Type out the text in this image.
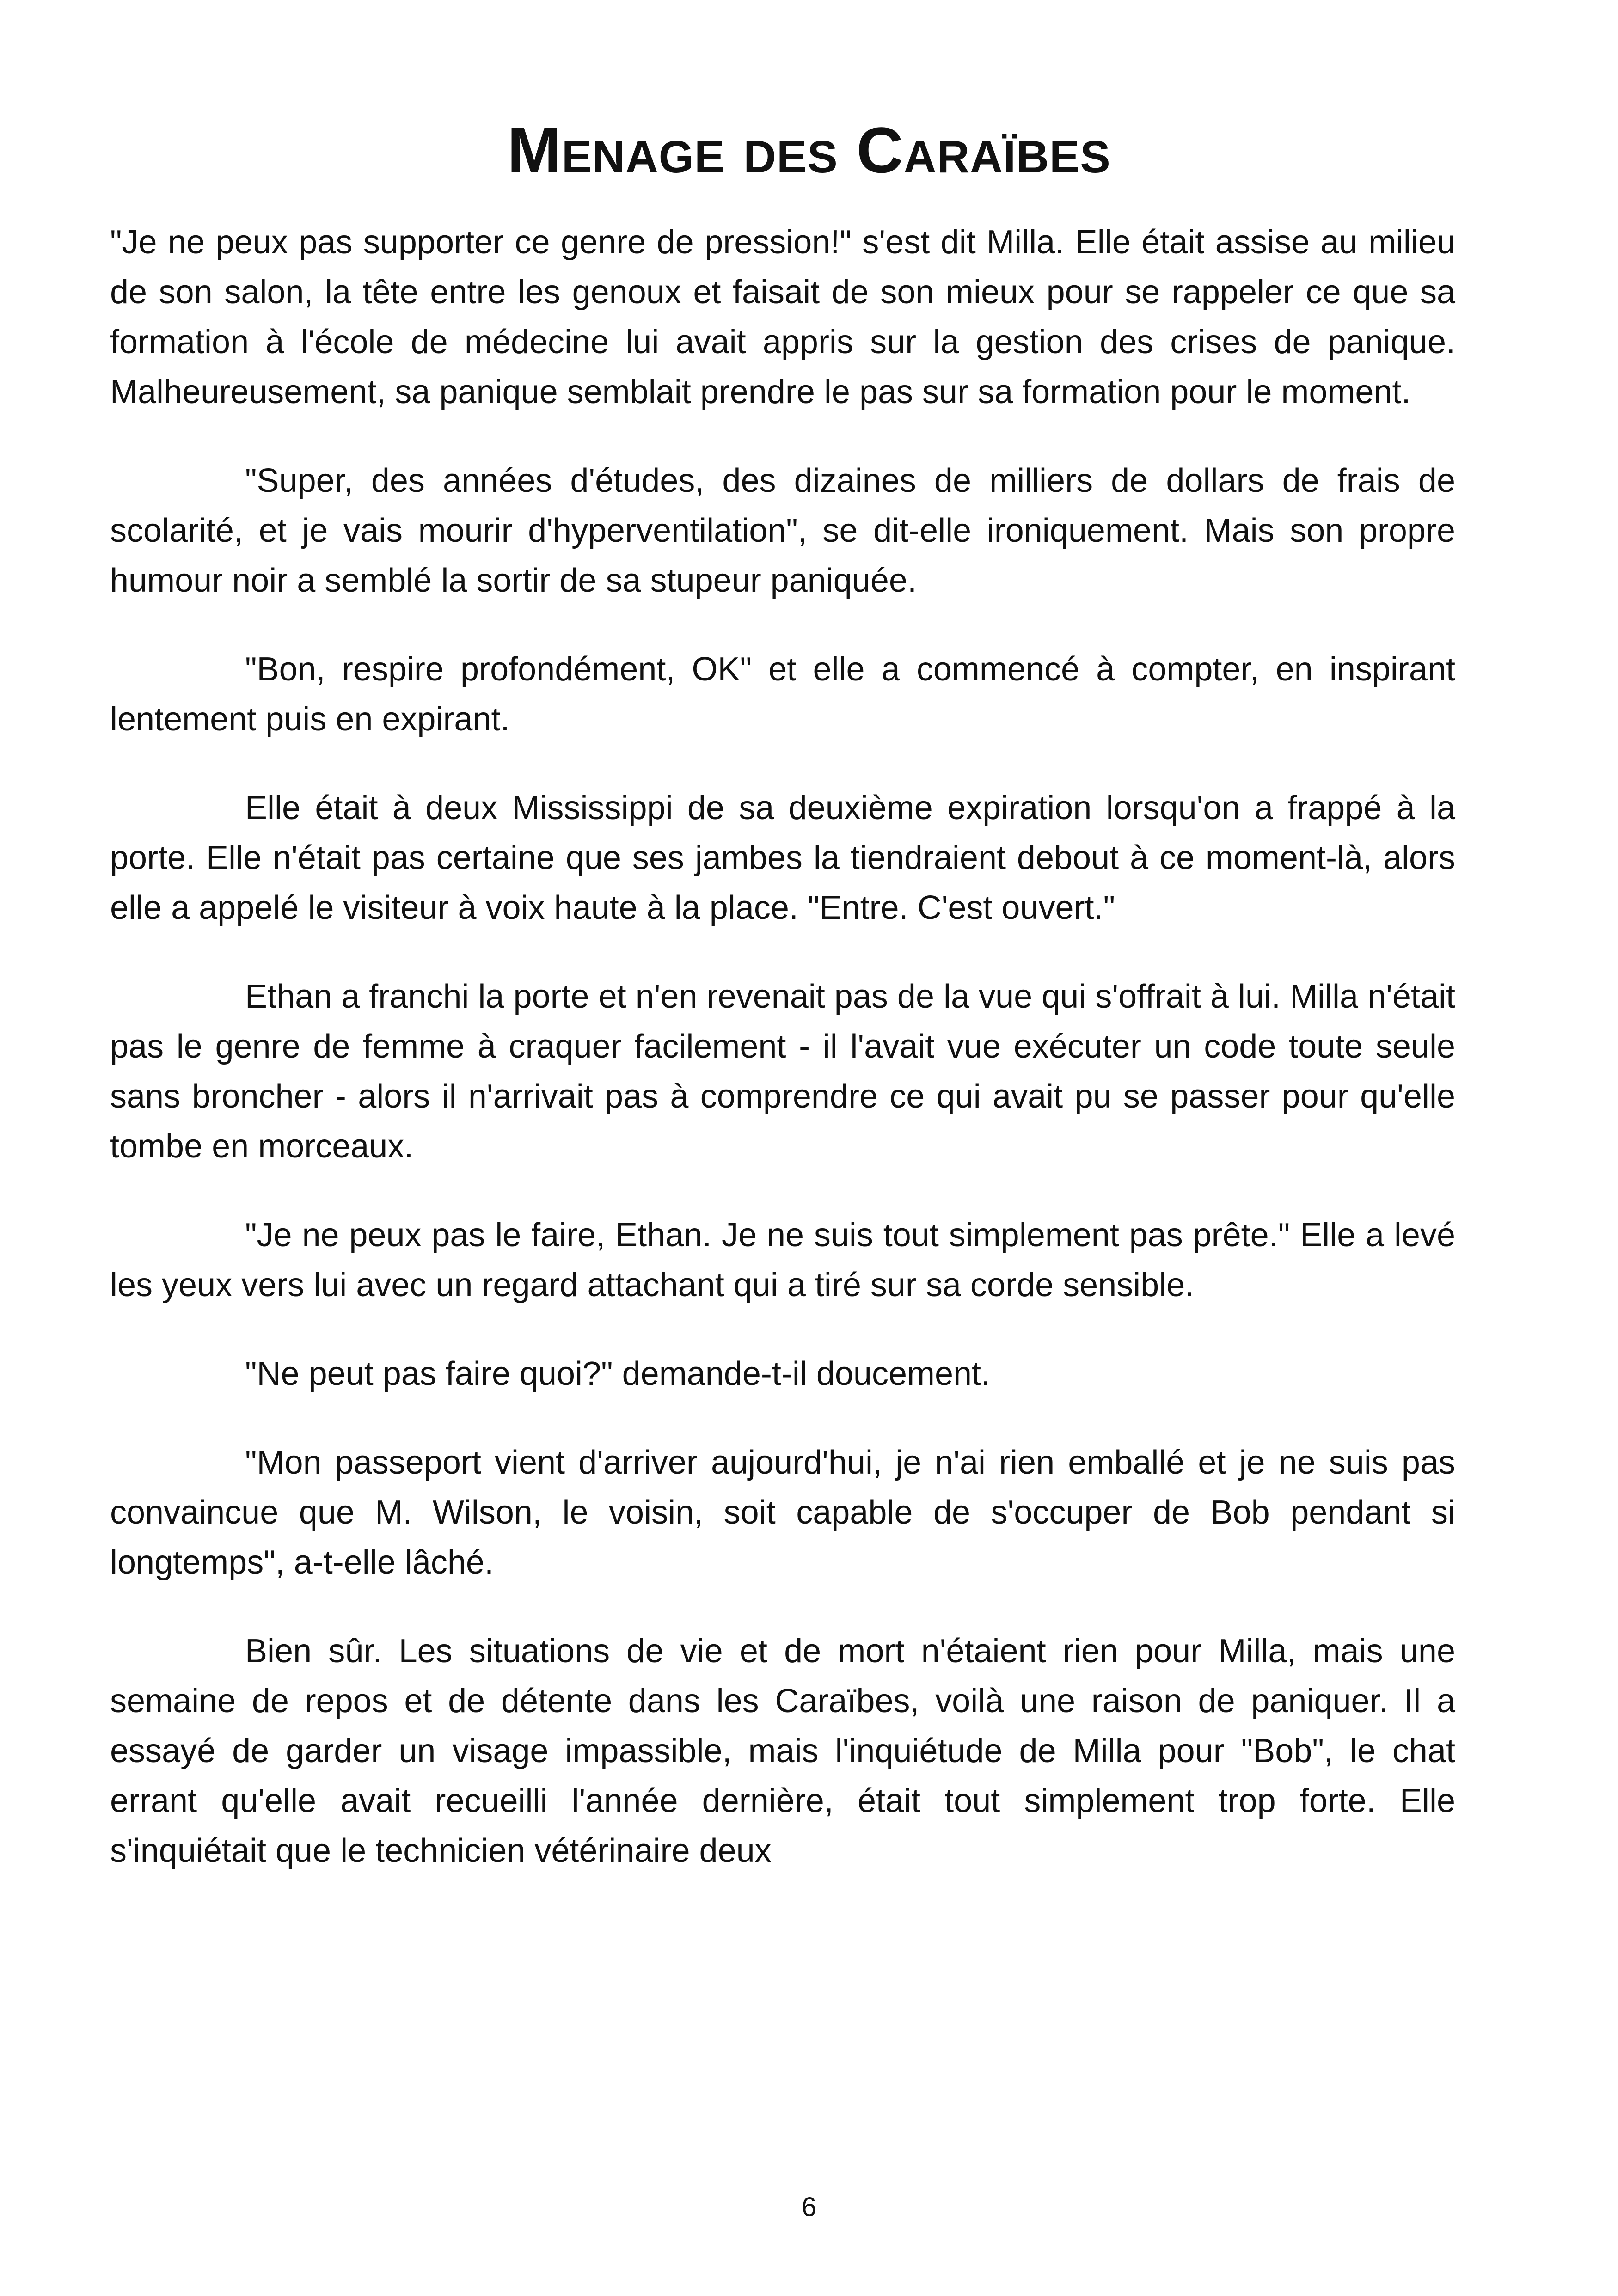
Menage des Caraïbes

"Je ne peux pas supporter ce genre de pression!" s'est dit Milla. Elle était assise au milieu de son salon, la tête entre les genoux et faisait de son mieux pour se rappeler ce que sa formation à l'école de médecine lui avait appris sur la gestion des crises de panique. Malheureusement, sa panique semblait prendre le pas sur sa formation pour le moment.

"Super, des années d'études, des dizaines de milliers de dollars de frais de scolarité, et je vais mourir d'hyperventilation", se dit-elle ironiquement. Mais son propre humour noir a semblé la sortir de sa stupeur paniquée.

"Bon, respire profondément, OK" et elle a commencé à compter, en inspirant lentement puis en expirant.

Elle était à deux Mississippi de sa deuxième expiration lorsqu'on a frappé à la porte. Elle n'était pas certaine que ses jambes la tiendraient debout à ce moment-là, alors elle a appelé le visiteur à voix haute à la place. "Entre. C'est ouvert."

Ethan a franchi la porte et n'en revenait pas de la vue qui s'offrait à lui. Milla n'était pas le genre de femme à craquer facilement - il l'avait vue exécuter un code toute seule sans broncher - alors il n'arrivait pas à comprendre ce qui avait pu se passer pour qu'elle tombe en morceaux.

"Je ne peux pas le faire, Ethan. Je ne suis tout simplement pas prête." Elle a levé les yeux vers lui avec un regard attachant qui a tiré sur sa corde sensible.

"Ne peut pas faire quoi?" demande-t-il doucement.

"Mon passeport vient d'arriver aujourd'hui, je n'ai rien emballé et je ne suis pas convaincue que M. Wilson, le voisin, soit capable de s'occuper de Bob pendant si longtemps", a-t-elle lâché.

Bien sûr. Les situations de vie et de mort n'étaient rien pour Milla, mais une semaine de repos et de détente dans les Caraïbes, voilà une raison de paniquer. Il a essayé de garder un visage impassible, mais l'inquiétude de Milla pour "Bob", le chat errant qu'elle avait recueilli l'année dernière, était tout simplement trop forte. Elle s'inquiétait que le technicien vétérinaire deux

6
